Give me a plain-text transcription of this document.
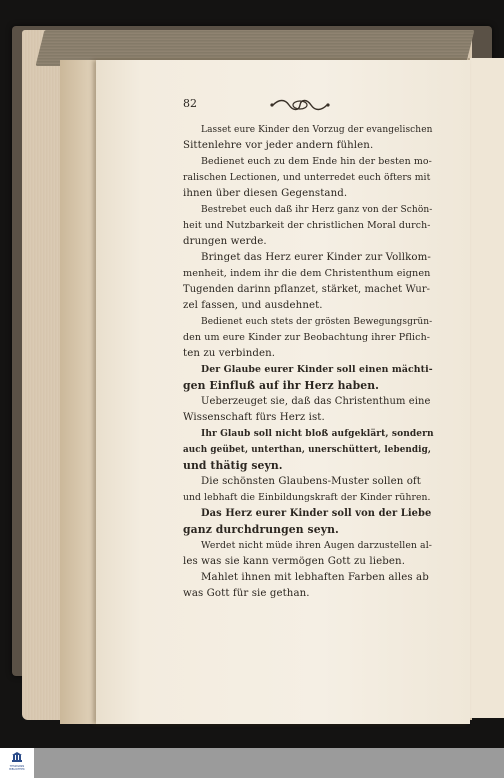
82
Lasset eure Kinder den Vorzug der evangelischen
Sittenlehre vor jeder andern fühlen.
Bedienet euch zu dem Ende hin der besten mo-
ralischen Lectionen, und unterredet euch öfters mit
ihnen über diesen Gegenstand.
Bestrebet euch daß ihr Herz ganz von der Schön-
heit und Nutzbarkeit der christlichen Moral durch-
drungen werde.
Bringet das Herz eurer Kinder zur Vollkom-
menheit, indem ihr die dem Christenthum eignen
Tugenden darinn pflanzet, stärket, machet Wur-
zel fassen, und ausdehnet.
Bedienet euch stets der grösten Bewegungsgrün-
den um eure Kinder zur Beobachtung ihrer Pflich-
ten zu verbinden.
Der Glaube eurer Kinder soll einen mächti-
gen Einfluß auf ihr Herz haben.
Ueberzeuget sie, daß das Christenthum eine
Wissenschaft fürs Herz ist.
Ihr Glaub soll nicht bloß aufgeklärt, sondern
auch geübet, unterthan, unerschüttert, lebendig,
und thätig seyn.
Die schönsten Glaubens-Muster sollen oft
und lebhaft die Einbildungskraft der Kinder rühren.
Das Herz eurer Kinder soll von der Liebe
ganz durchdrungen seyn.
Werdet nicht müde ihren Augen darzustellen al-
les was sie kann vermögen Gott zu lieben.
Mahlet ihnen mit lebhaften Farben alles ab
was Gott für sie gethan.
TESSMANN
BIBLIOTHEK
